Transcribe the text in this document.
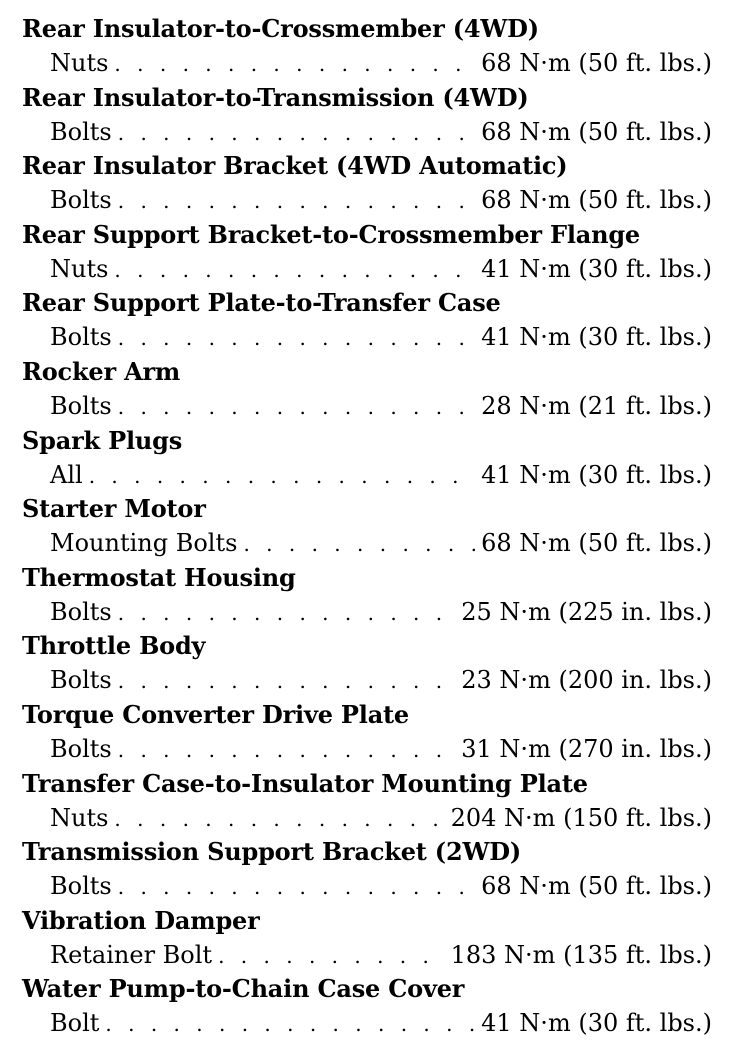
Rear Insulator-to-Crossmember (4WD)
Nuts . . .	68 N·m (50 ft. lbs.)
Rear Insulator-to-Transmission (4WD)
Bolts . . .	68 N·m (50 ft. lbs.)
Rear Insulator Bracket (4WD Automatic)
Bolts . . .	68 N·m (50 ft. lbs.)
Rear Support Bracket-to-Crossmember Flange
Nuts . . .	41 N·m (30 ft. lbs.)
Rear Support Plate-to-Transfer Case
Bolts . . .	41 N·m (30 ft. lbs.)
Rocker Arm
Bolts . . .	28 N·m (21 ft. lbs.)
Spark Plugs
All . . .	41 N·m (30 ft. lbs.)
Starter Motor
Mounting Bolts . . .	68 N·m (50 ft. lbs.)
Thermostat Housing
Bolts . . .	25 N·m (225 in. lbs.)
Throttle Body
Bolts . . .	23 N·m (200 in. lbs.)
Torque Converter Drive Plate
Bolts . . .	31 N·m (270 in. lbs.)
Transfer Case-to-Insulator Mounting Plate
Nuts . . .	204 N·m (150 ft. lbs.)
Transmission Support Bracket (2WD)
Bolts . . .	68 N·m (50 ft. lbs.)
Vibration Damper
Retainer Bolt . . .	183 N·m (135 ft. lbs.)
Water Pump-to-Chain Case Cover
Bolt . . .	41 N·m (30 ft. lbs.)
